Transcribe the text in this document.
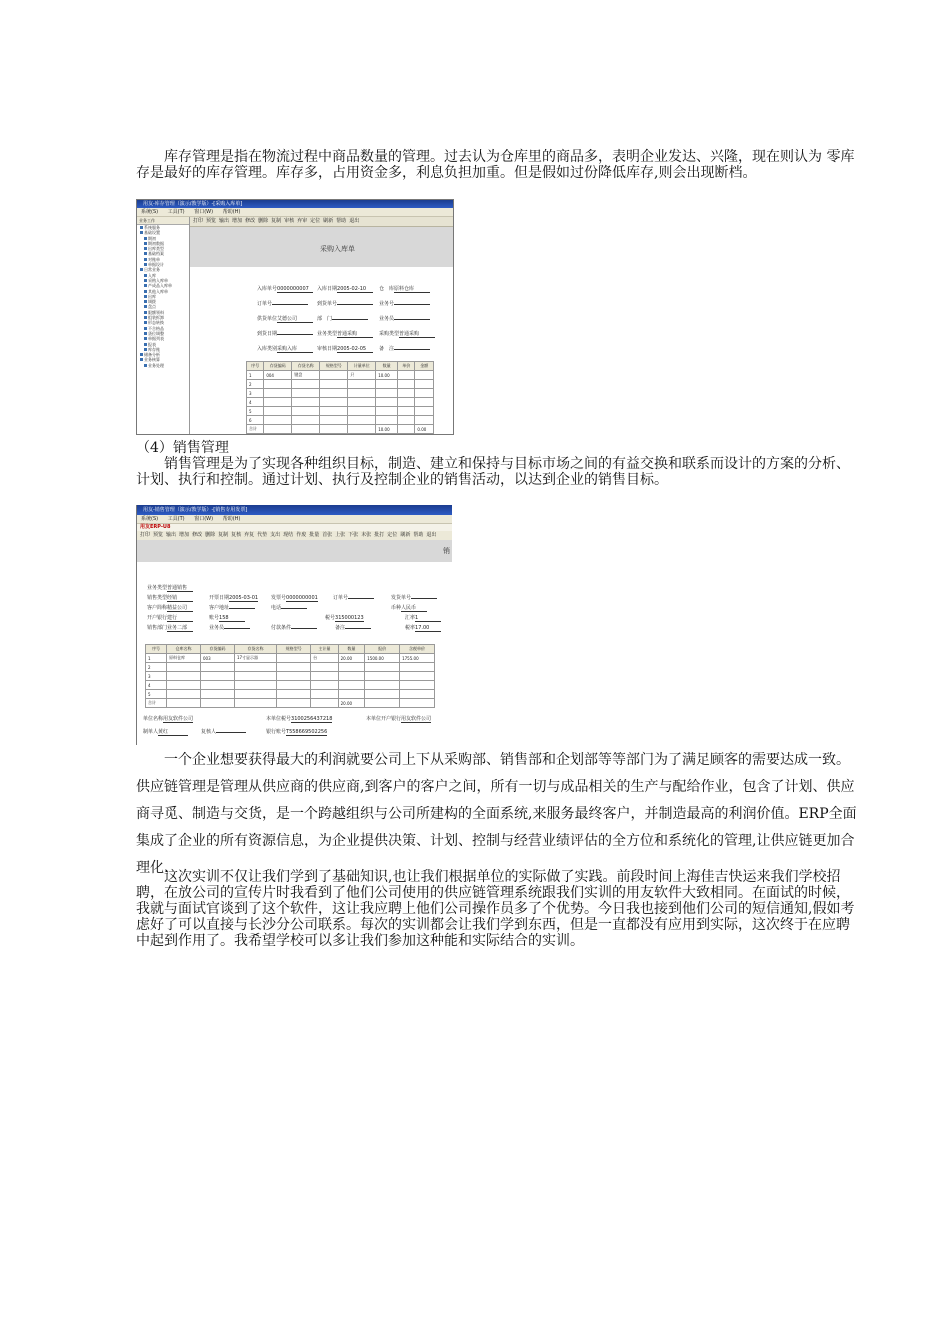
库存管理是指在物流过程中商品数量的管理。过去认为仓库里的商品多，表明企业发达、兴隆，现在则认为 零库存是最好的库存管理。库存多，占用资金多，利息负担加重。但是假如过份降低库存,则会出现断档。

用友-库存管理（演示/教学版）-[采购入库单]
系统(S) 工具(T) 窗口(W) 帮助(H)
业务工作
系统服务
基础设置
期初
期初数据
出库类型
基础档案
对账单
单据设计
日常业务
入库
采购入库单
产成品入库单
其他入库单
出库
调拨
盘点
限额领料
组装拆卸
形态转换
不合格品
货位调整
单据列表
报表
库存账
储备分析
业务核算
业务处理
打印 预览 输出 增加 修改 删除 复制 审核 弃审 定位 刷新 帮助 退出
采购入库单
入库单号0000000007	入库日期2005-02-10	仓　库原料仓库
订单号	到货单号	业务号
供货单位艾德公司	部　门	业务员
到货日期	业务类型普通采购	采购类型普通采购
入库类别采购入库	审核日期2005-02-05	备　注
序号	存货编码	存货名称	规格型号	计量单位	数量	单价	金额
1	004	键盘		只	10.00		
2							
3							
4							
5							
6							
合计					10.00		0.00
（4）销售管理

销售管理是为了实现各种组织目标，制造、建立和保持与目标市场之间的有益交换和联系而设计的方案的分析、计划、执行和控制。通过计划、执行及控制企业的销售活动，以达到企业的销售目标。

用友-销售管理（演示/教学版）-[销售专用发票]
系统(S) 工具(T) 窗口(W) 帮助(H)
用友ERP-U8
打印 预览 输出 增加 修改 删除 复制 复核 弃复 代垫 支出 现结 作废 批量 首张 上张 下张 末张 批打 定位 刷新 帮助 退出
销
业务类型普通销售
销售类型经销	开票日期2005-03-01	发票号0000000001	订单号	发货单号
客户简称精益公司	客户地址	电话	币种人民币
开户银行建行	账号158	税号315000123	汇率1
销售部门业务二部	业务员	付款条件	备注	税率17.00
序号	仓库名称	存货编码	存货名称	规格型号	主计量	数量	报价	含税单价
1	原料仓库	003	17寸显示器		台	20.00	1500.00	1755.00
2								
3								
4								
5								
合计						20.00		
单位名称用友软件公司	本单位税号3100256437218	本单位开户银行用友软件公司
制单人黄红	复核人	银行账号T558669502256

一个企业想要获得最大的利润就要公司上下从采购部、销售部和企划部等等部门为了满足顾客的需要达成一致。供应链管理是管理从供应商的供应商,到客户的客户之间，所有一切与成品相关的生产与配给作业，包含了计划、供应商寻觅、制造与交货，是一个跨越组织与公司所建构的全面系统,来服务最终客户，并制造最高的利润价值。ERP全面集成了企业的所有资源信息，为企业提供决策、计划、控制与经营业绩评估的全方位和系统化的管理,让供应链更加合理化.

这次实训不仅让我们学到了基础知识,也让我们根据单位的实际做了实践。前段时间上海佳吉快运来我们学校招聘，在放公司的宣传片时我看到了他们公司使用的供应链管理系统跟我们实训的用友软件大致相同。在面试的时候，我就与面试官谈到了这个软件，这让我应聘上他们公司操作员多了个优势。今日我也接到他们公司的短信通知,假如考虑好了可以直接与长沙分公司联系。每次的实训都会让我们学到东西，但是一直都没有应用到实际，这次终于在应聘中起到作用了。我希望学校可以多让我们参加这种能和实际结合的实训。
